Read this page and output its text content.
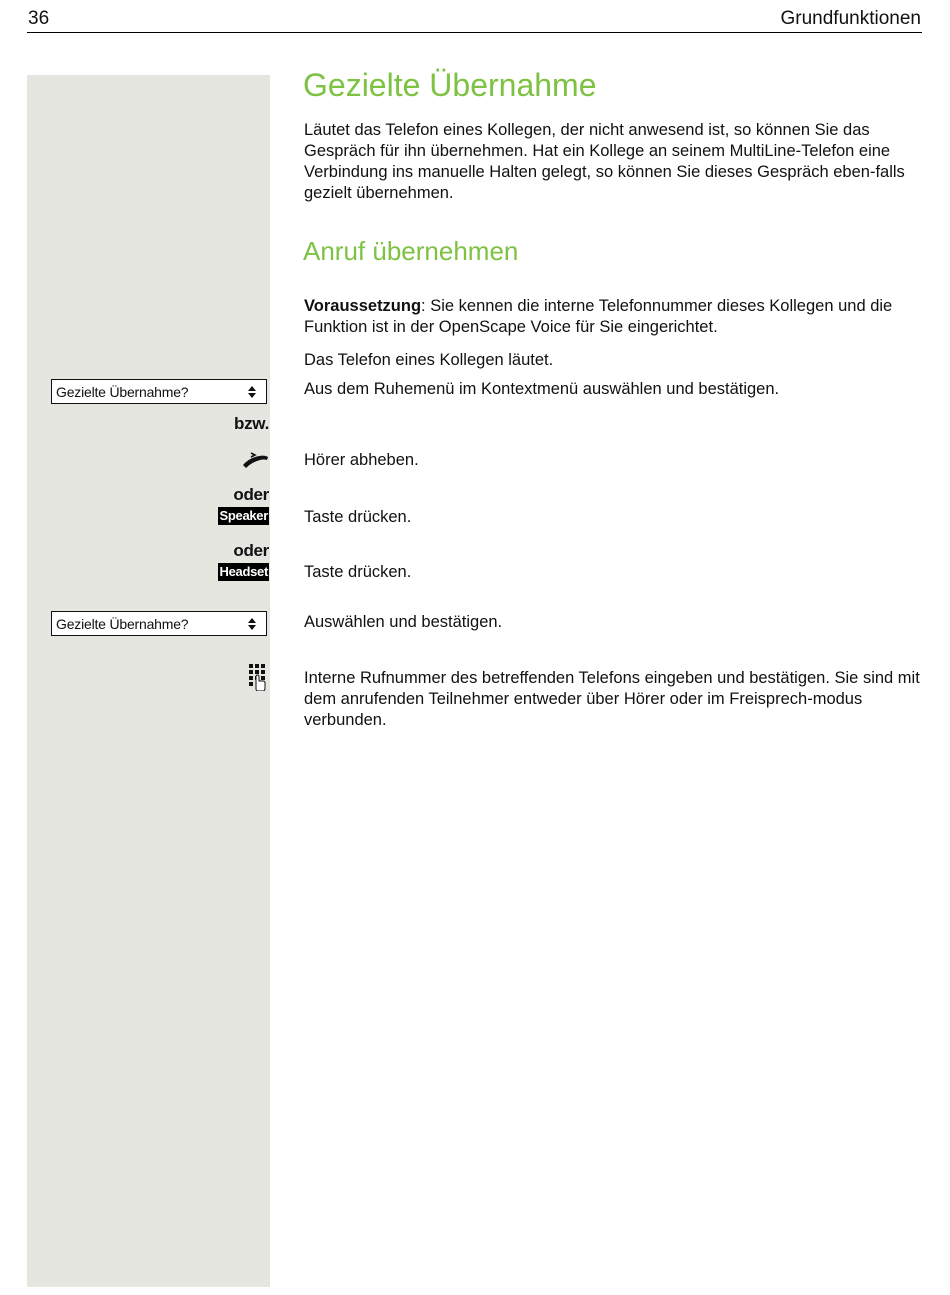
36	Grundfunktionen
Gezielte Übernahme

Läutet das Telefon eines Kollegen, der nicht anwesend ist, so können Sie das Gespräch für ihn übernehmen. Hat ein Kollege an seinem MultiLine-Telefon eine Verbindung ins manuelle Halten gelegt, so können Sie dieses Gespräch eben-falls gezielt übernehmen.

Anruf übernehmen

Voraussetzung: Sie kennen die interne Telefonnummer dieses Kollegen und die Funktion ist in der OpenScape Voice für Sie eingerichtet.

Das Telefon eines Kollegen läutet.
Gezielte Übernahme?	Aus dem Ruhemenü im Kontextmenü auswählen und bestätigen.
bzw.
Hörer abheben.
oder
Speaker Taste drücken.
oder
Headset Taste drücken.
Gezielte Übernahme?	Auswählen und bestätigen.
Interne Rufnummer des betreffenden Telefons eingeben und bestätigen. Sie sind mit dem anrufenden Teilnehmer entweder über Hörer oder im Freisprech-modus verbunden.
